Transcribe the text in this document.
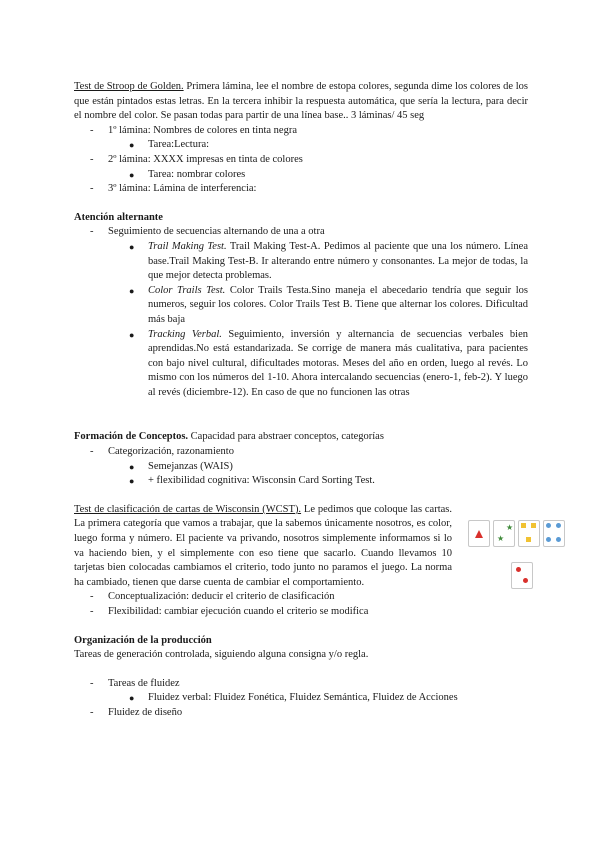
Test de Stroop de Golden. Primera lámina, lee el nombre de estopa colores, segunda dime los colores de los que están pintados estas letras. En la tercera inhibir la respuesta automática, que sería la lectura, para decir el nombre del color. Se pasan todas para partir de una línea base.. 3 láminas/ 45 seg

- 1º lámina: Nombres de colores en tinta negra

● Tarea:Lectura:

- 2º lámina: XXXX impresas en tinta de colores

● Tarea: nombrar colores

- 3º lámina: Lámina de interferencia:

Atención alternante

- Seguimiento de secuencias alternando de una a otra

● Trail Making Test. Trail Making Test-A. Pedimos al paciente que una los número. Línea base.Trail Making Test-B. Ir alterando entre número y consonantes. La mejor de todas, la que mejor detecta problemas.

● Color Trails Test. Color Trails Testa.Sino maneja el abecedario tendría que seguir los numeros, seguir los colores. Color Trails Test B. Tiene que alternar los colores. Dificultad más baja

● Tracking Verbal. Seguimiento, inversión y alternancia de secuencias verbales bien aprendidas.No está estandarizada. Se corrige de manera más cualitativa, para pacientes con bajo nivel cultural, dificultades motoras. Meses del año en orden, luego al revés. Lo mismo con los números del 1-10. Ahora intercalando secuencias (enero-1, feb-2). Y luego al revés (diciembre-12). En caso de que no funcionen las otras

Formación de Conceptos. Capacidad para abstraer conceptos, categorías

- Categorización, razonamiento

● Semejanzas (WAIS)

● + flexibilidad cognitiva: Wisconsin Card Sorting Test.

Test de clasificación de cartas de Wisconsin (WCST). Le pedimos que coloque las cartas. La primera categoría que vamos a trabajar, que la sabemos únicamente nosotros, es color, luego forma y número. El paciente va privando, nosotros simplemente informamos si lo va haciendo bien, y el simplemente con eso tiene que sacarlo. Cuando llevamos 10 tarjetas bien colocadas cambiamos el criterio, todo junto no paramos el juego. La norma ha cambiado, tienen que darse cuenta de cambiar el comportamiento.

- Conceptualización: deducir el criterio de clasificación

- Flexibilidad: cambiar ejecución cuando el criterio se modifica

Organización de la producción

Tareas de generación controlada, siguiendo alguna consigna y/o regla.

- Tareas de fluidez

● Fluidez verbal: Fluidez Fonética, Fluidez Semántica, Fluidez de Acciones

- Fluidez de diseño

★
★
